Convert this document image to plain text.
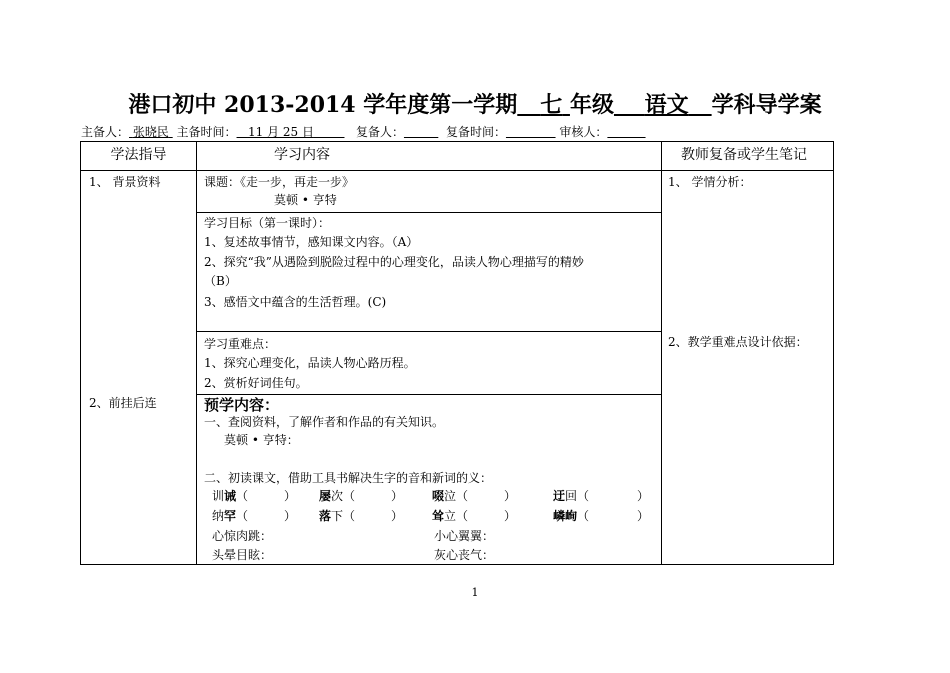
港口初中 2013-2014 学年度第一学期 七 年级 语文 学科导学案
主备人： 张晓民 主备时间： 11 月 25 日	复备人：	复备时间：	审核人：
学法指导	学习内容	教师复备或学生笔记
1、 背景资料
2、前挂后连
课题：《走一步，再走一步》
莫顿 • 亨特
学习目标（第一课时）：
1、复述故事情节，感知课文内容。（A）
2、探究“我”从遇险到脱险过程中的心理变化，品读人物心理描写的精妙
（B）
3、感悟文中蕴含的生活哲理。(C)
学习重难点：
1、探究心理变化，品读人物心路历程。
2、赏析好词佳句。
预学内容：
一、查阅资料，了解作者和作品的有关知识。
莫顿 • 亨特：
二、初读课文，借助工具书解决生字的音和新词的义：
训诫（　　　） 屡次（　　　） 啜泣（　　　）	迂回（　　　　）
纳罕（　　　） 落下（　　　） 耸立（　　　）	嶙峋（　　　　）
心惊肉跳：	小心翼翼：
头晕目眩：	灰心丧气：
1、 学情分析：
2、教学重难点设计依据：
1
